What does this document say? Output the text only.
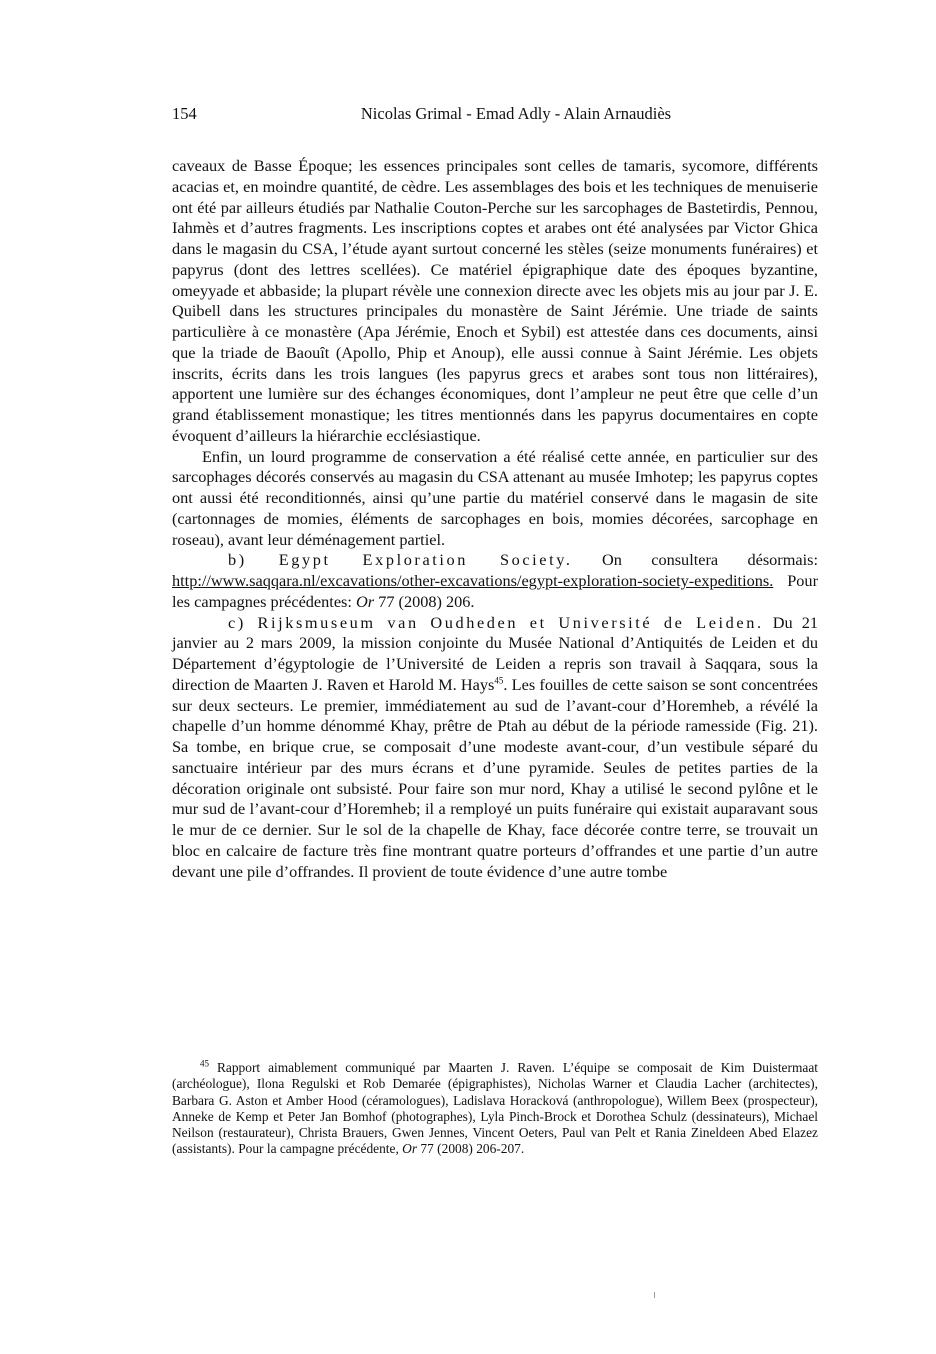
154	Nicolas Grimal - Emad Adly - Alain Arnaudiès

caveaux de Basse Époque; les essences principales sont celles de tamaris, sycomore, différents acacias et, en moindre quantité, de cèdre. Les assemblages des bois et les techniques de menuiserie ont été par ailleurs étudiés par Nathalie Couton-Perche sur les sarcophages de Bastetirdis, Pennou, Iahmès et d’autres fragments. Les inscriptions coptes et arabes ont été analysées par Victor Ghica dans le magasin du CSA, l’étude ayant surtout concerné les stèles (seize monuments funéraires) et papyrus (dont des lettres scellées). Ce matériel épigraphique date des époques byzantine, omeyyade et abbaside; la plupart révèle une connexion directe avec les objets mis au jour par J. E. Quibell dans les structures principales du monastère de Saint Jérémie. Une triade de saints particulière à ce monastère (Apa Jérémie, Enoch et Sybil) est attestée dans ces documents, ainsi que la triade de Baouît (Apollo, Phip et Anoup), elle aussi connue à Saint Jérémie. Les objets inscrits, écrits dans les trois langues (les papyrus grecs et arabes sont tous non littéraires), apportent une lumière sur des échanges économiques, dont l’ampleur ne peut être que celle d’un grand établissement monastique; les titres mentionnés dans les papyrus documentaires en copte évoquent d’ailleurs la hiérarchie ecclésiastique.

Enfin, un lourd programme de conservation a été réalisé cette année, en particulier sur des sarcophages décorés conservés au magasin du CSA attenant au musée Imhotep; les papyrus coptes ont aussi été reconditionnés, ainsi qu’une partie du matériel conservé dans le magasin de site (cartonnages de momies, éléments de sarcophages en bois, momies décorées, sarcophage en roseau), avant leur déménagement partiel.

b) Egypt Exploration Society. On consultera désormais: http://www.saqqara.nl/excavations/other-excavations/egypt-exploration-society-expeditions. Pour les campagnes précédentes: Or 77 (2008) 206.

c) Rijksmuseum van Oudheden et Université de Leiden. Du 21 janvier au 2 mars 2009, la mission conjointe du Musée National d’Antiquités de Leiden et du Département d’égyptologie de l’Université de Leiden a repris son travail à Saqqara, sous la direction de Maarten J. Raven et Harold M. Hays$^{45}$. Les fouilles de cette saison se sont concentrées sur deux secteurs. Le premier, immédiatement au sud de l’avant-cour d’Horemheb, a révélé la chapelle d’un homme dénommé Khay, prêtre de Ptah au début de la période ramesside (Fig. 21). Sa tombe, en brique crue, se composait d’une modeste avant-cour, d’un vestibule séparé du sanctuaire intérieur par des murs écrans et d’une pyramide. Seules de petites parties de la décoration originale ont subsisté. Pour faire son mur nord, Khay a utilisé le second pylône et le mur sud de l’avant-cour d’Horemheb; il a remployé un puits funéraire qui existait auparavant sous le mur de ce dernier. Sur le sol de la chapelle de Khay, face décorée contre terre, se trouvait un bloc en calcaire de facture très fine montrant quatre porteurs d’offrandes et une partie d’un autre devant une pile d’offrandes. Il provient de toute évidence d’une autre tombe

$^{45}$ Rapport aimablement communiqué par Maarten J. Raven. L’équipe se composait de Kim Duistermaat (archéologue), Ilona Regulski et Rob Demarée (épigraphistes), Nicholas Warner et Claudia Lacher (architectes), Barbara G. Aston et Amber Hood (céramologues), Ladislava Horacková (anthropologue), Willem Beex (prospecteur), Anneke de Kemp et Peter Jan Bomhof (photographes), Lyla Pinch-Brock et Dorothea Schulz (dessinateurs), Michael Neilson (restaurateur), Christa Brauers, Gwen Jennes, Vincent Oeters, Paul van Pelt et Rania Zineldeen Abed Elazez (assistants). Pour la campagne précédente, Or 77 (2008) 206-207.
